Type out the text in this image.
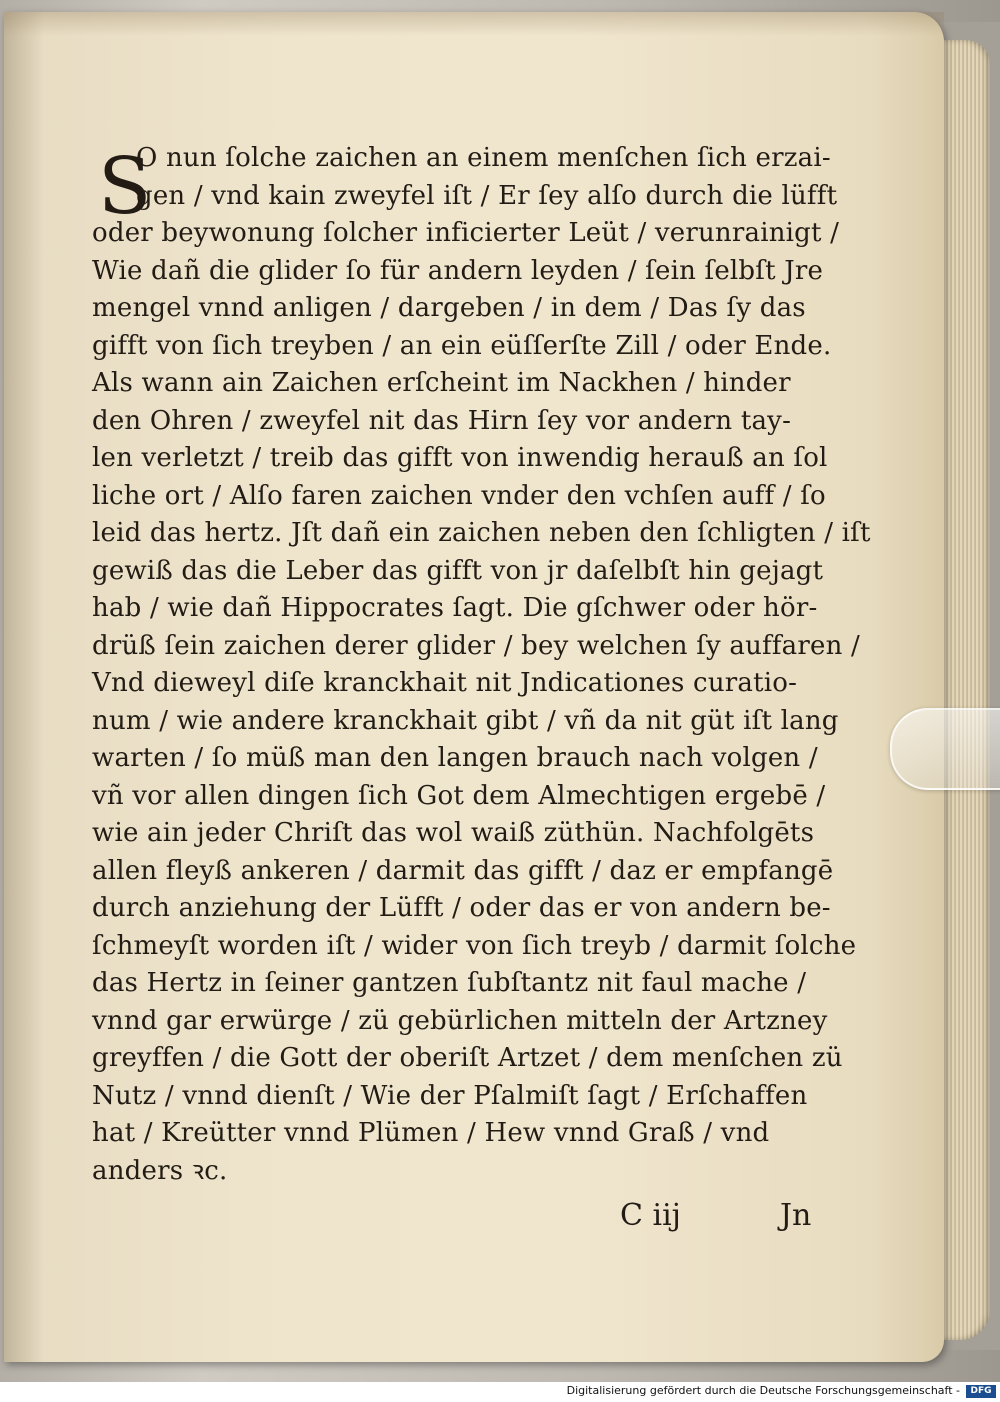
S
O nun ſolche zaichen an einem menſchen ſich erzai-
gen / vnd kain zweyfel iſt / Er ſey alſo durch die lüfft
oder beywonung ſolcher inficierter Leüt / verunrainigt /
Wie dañ die glider ſo für andern leyden / ſein ſelbſt Jre
mengel vnnd anligen / dargeben / in dem / Das ſy das
gifft von ſich treyben / an ein eüſſerſte Zill / oder Ende.
Als wann ain Zaichen erſcheint im Nackhen / hinder
den Ohren / zweyfel nit das Hirn ſey vor andern tay-
len verletzt / treib das gifft von inwendig herauß an ſol
liche ort / Alſo faren zaichen vnder den vchſen auff / ſo
leid das hertz. Jſt dañ ein zaichen neben den ſchligten / iſt
gewiß das die Leber das gifft von jr daſelbſt hin gejagt
hab / wie dañ Hippocrates ſagt. Die gſchwer oder hör-
drüß ſein zaichen derer glider / bey welchen ſy auffaren /
Vnd dieweyl diſe kranckhait nit Jndicationes curatio-
num / wie andere kranckhait gibt / vñ da nit güt iſt lang
warten / ſo müß man den langen brauch nach volgen /
vñ vor allen dingen ſich Got dem Almechtigen ergebē /
wie ain jeder Chriſt das wol waiß züthün. Nachfolgēts
allen fleyß ankeren / darmit das gifft / daz er empfangē
durch anziehung der Lüfft / oder das er von andern be-
ſchmeyſt worden iſt / wider von ſich treyb / darmit ſolche
das Hertz in ſeiner gantzen ſubſtantz nit faul mache /
vnnd gar erwürge / zü gebürlichen mitteln der Artzney
greyffen / die Gott der oberiſt Artzet / dem menſchen zü
Nutz / vnnd dienſt / Wie der Pſalmiſt ſagt / Erſchaffen
hat / Kreütter vnnd Plümen / Hew vnnd Graß / vnd
anders ꝛc.
C iij	Jn
Digitalisierung gefördert durch die Deutsche Forschungsgemeinschaft -	DFG
